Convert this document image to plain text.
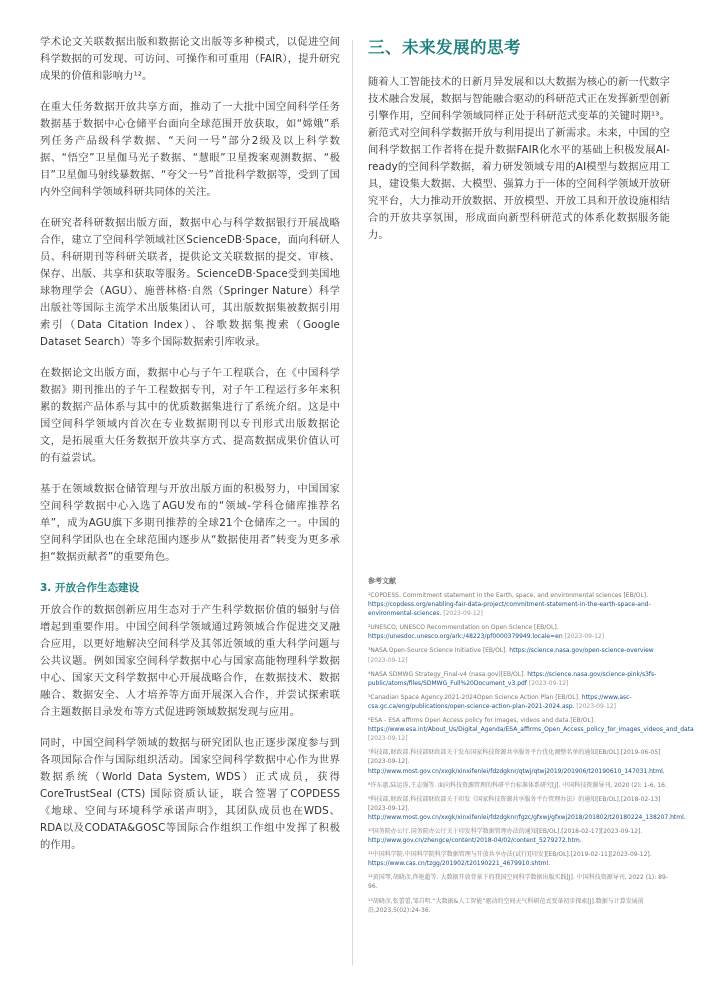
学术论文关联数据出版和数据论文出版等多种模式，以促进空间科学数据的可发现、可访问、可操作和可重用（FAIR），提升研究成果的价值和影响力¹²。

在重大任务数据开放共享方面，推动了一大批中国空间科学任务数据基于数据中心仓储平台面向全球范围开放获取，如“嫦娥”系列任务产品级科学数据、“天问一号”部分2级及以上科学数据、“悟空”卫星伽马光子数据、“慧眼”卫星拨案观测数据、“极目”卫星伽马射线暴数据、“夸父一号”首批科学数据等，受到了国内外空间科学领域科研共同体的关注。

在研究者科研数据出版方面，数据中心与科学数据银行开展战略合作，建立了空间科学领域社区ScienceDB·Space，面向科研人员、科研期刊等科研关联者，提供论文关联数据的提交、审核、保存、出版、共享和获取等服务。ScienceDB·Space受到美国地球物理学会（AGU）、施普林格·自然（Springer Nature）科学出版社等国际主流学术出版集团认可，其出版数据集被数据引用索引（Data Citation Index）、谷歌数据集搜索（Google Dataset Search）等多个国际数据索引库收录。

在数据论文出版方面，数据中心与子午工程联合，在《中国科学数据》期刊推出的子午工程数据专刊，对子午工程运行多年来积累的数据产品体系与其中的优质数据集进行了系统介绍。这是中国空间科学领域内首次在专业数据期刊以专刊形式出版数据论文，是拓展重大任务数据开放共享方式、提高数据成果价值认可的有益尝试。

基于在领域数据仓储管理与开放出版方面的积极努力，中国国家空间科学数据中心入选了AGU发布的“领域-学科仓储库推荐名单”，成为AGU旗下多期刊推荐的全球21个仓储库之一。中国的空间科学团队也在全球范围内逐步从“数据使用者”转变为更多承担“数据贡献者”的重要角色。

3. 开放合作生态建设

开放合作的数据创新应用生态对于产生科学数据价值的辐射与倍增起到重要作用。中国空间科学领域通过跨领域合作促进交叉融合应用，以更好地解决空间科学及其邻近领域的重大科学问题与公共议题。例如国家空间科学数据中心与国家高能物理科学数据中心、国家天文科学数据中心开展战略合作，在数据技术、数据融合、数据安全、人才培养等方面开展深入合作，并尝试探索联合主题数据目录发布等方式促进跨领域数据发现与应用。

同时，中国空间科学领域的数据与研究团队也正逐步深度参与到各项国际合作与国际组织活动。国家空间科学数据中心作为世界数据系统（World Data System, WDS）正式成员，获得CoreTrustSeal (CTS) 国际资质认证，联合签署了COPDESS《地球、空间与环境科学承诺声明》，其团队成员也在WDS、RDA以及CODATA&GOSC等国际合作组织工作组中发挥了积极的作用。

三、未来发展的思考

随着人工智能技术的日新月异发展和以大数据为核心的新一代数字技术融合发展，数据与智能融合驱动的科研范式正在发挥新型创新引擎作用，空间科学领域同样正处于科研范式变革的关键时期¹³。新范式对空间科学数据开放与利用提出了新需求。未来，中国的空间科学数据工作者将在提升数据FAIR化水平的基础上积极发展AI-ready的空间科学数据，着力研发领域专用的AI模型与数据应用工具，建设集大数据、大模型、强算力于一体的空间科学领域开放研究平台，大力推动开放数据、开放模型、开放工具和开放设施相结合的开放共享氛围，形成面向新型科研范式的体系化数据服务能力。

参考文献
¹COPDESS. Commitment statement in the Earth, space, and environmental sciences [EB/OL]. https://copdess.org/enabling-fair-data-project/commitment-statement-in-the-earth-space-and-environmental-sciences. [2023-09-12]
²UNESCO, UNESCO Recommendation on Open Science [EB/OL]. https://unesdoc.unesco.org/ark:/48223/pf0000379949.locale=en [2023-09-12]
³NASA.Open-Source Science Initiative [EB/OL]. https://science.nasa.gov/open-science-overview [2023-09-12]
⁴NASA SDMWG Strategy_Final-v4 (nasa.gov)[EB/OL]. https://science.nasa.gov/science-pink/s3fs-public/atoms/files/SDMWG_Full%20Document_v3.pdf [2023-09-12]
⁵Canadian Space Agency.2021-2024Open Science Action Plan [EB/OL]. https://www.asc-csa.gc.ca/eng/publications/open-science-action-plan-2021-2024.asp. [2023-09-12]
⁶ESA - ESA affirms Open Access policy for images, videos and data.[EB/OL]. https://www.esa.int/About_Us/Digital_Agenda/ESA_affirms_Open_Access_policy_for_images_videos_and_data [2023-09-12]
⁷科技部,财政部.科技部财政部关于发布国家科技资源共享服务平台优化调整名单的通知[EB/OL].[2019-06-05][2023-09-12]. http://www.most.gov.cn/xxgk/xinxifenlei/fdzdgknr/qtwj/qtwj2019/201906/t20190610_147031.html.
⁸许东惠,陆运涛,王志强等. 面向科技资源管理的科研平台标准体系研究[J]. 中国科技资源导刊, 2020 (2): 1-6, 16.
⁹科技部,财政部.科技部财政部关于印发《国家科技资源共享服务平台管理办法》的通知[EB/OL].[2018-02-13][2023-09-12]. http://www.most.gov.cn/xxgk/xinxifenlei/fdzdgknr/fgzc/gfxwj/gfxwj2018/201802/t20180224_138207.html.
¹⁰国务院办公厅.国务院办公厅关于印发科学数据管理办法的通知[EB/OL].[2018-02-17][2023-09-12]. http://www.gov.cn/zhengce/content/2018-04/02/content_5279272.htm.
¹¹中国科学院.中国科学院科学数据管理与开放共享办法(试行)[印发][EB/OL].[2019-02-11][2023-09-12]. https://www.cas.cn/tzgg/201902/t20190221_4679910.shtml.
¹²黄国琴,胡晓彦,佟艳超等. 大数据开放背景下的我国空间科学数据出版实践[J]. 中国科技资源导刊, 2022 (1): 89-96.
¹³胡晓彦,张蕾蕾,邹自明.“大数据&人工智能”驱动的空间天气科研范式变革初步探索[J].数据与计算发展前沿,2023,5(02):24-36.
